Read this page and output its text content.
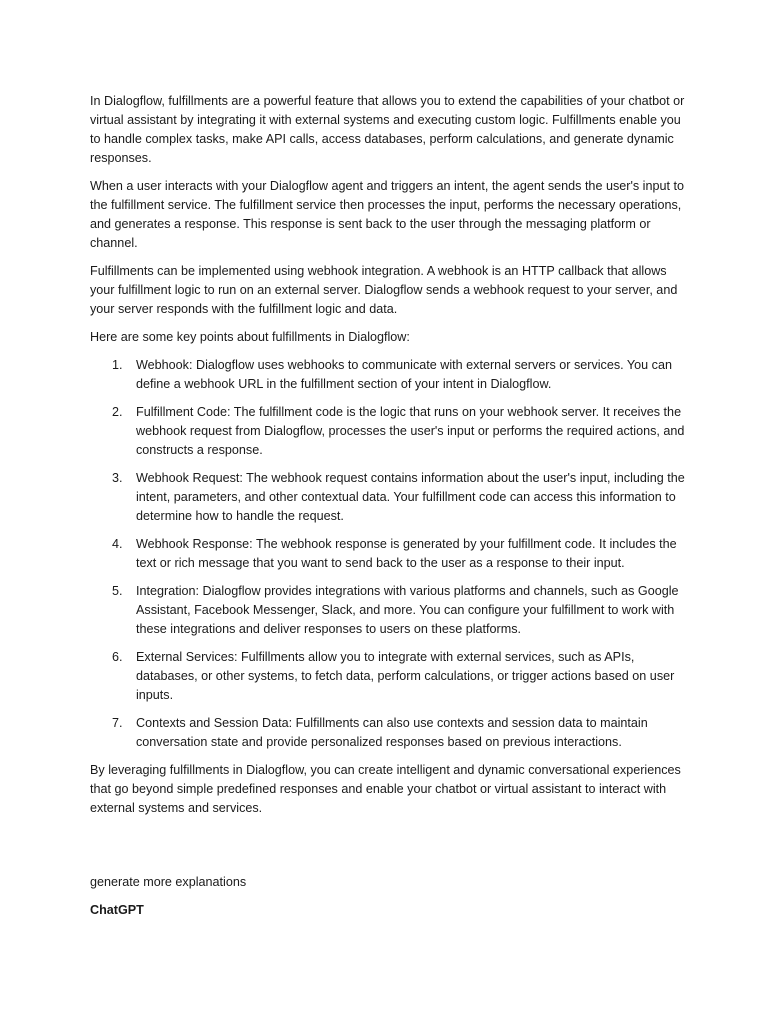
In Dialogflow, fulfillments are a powerful feature that allows you to extend the capabilities of your chatbot or virtual assistant by integrating it with external systems and executing custom logic. Fulfillments enable you to handle complex tasks, make API calls, access databases, perform calculations, and generate dynamic responses.

When a user interacts with your Dialogflow agent and triggers an intent, the agent sends the user's input to the fulfillment service. The fulfillment service then processes the input, performs the necessary operations, and generates a response. This response is sent back to the user through the messaging platform or channel.

Fulfillments can be implemented using webhook integration. A webhook is an HTTP callback that allows your fulfillment logic to run on an external server. Dialogflow sends a webhook request to your server, and your server responds with the fulfillment logic and data.

Here are some key points about fulfillments in Dialogflow:

1. Webhook: Dialogflow uses webhooks to communicate with external servers or services. You can define a webhook URL in the fulfillment section of your intent in Dialogflow.
2. Fulfillment Code: The fulfillment code is the logic that runs on your webhook server. It receives the webhook request from Dialogflow, processes the user's input or performs the required actions, and constructs a response.
3. Webhook Request: The webhook request contains information about the user's input, including the intent, parameters, and other contextual data. Your fulfillment code can access this information to determine how to handle the request.
4. Webhook Response: The webhook response is generated by your fulfillment code. It includes the text or rich message that you want to send back to the user as a response to their input.
5. Integration: Dialogflow provides integrations with various platforms and channels, such as Google Assistant, Facebook Messenger, Slack, and more. You can configure your fulfillment to work with these integrations and deliver responses to users on these platforms.
6. External Services: Fulfillments allow you to integrate with external services, such as APIs, databases, or other systems, to fetch data, perform calculations, or trigger actions based on user inputs.
7. Contexts and Session Data: Fulfillments can also use contexts and session data to maintain conversation state and provide personalized responses based on previous interactions.

By leveraging fulfillments in Dialogflow, you can create intelligent and dynamic conversational experiences that go beyond simple predefined responses and enable your chatbot or virtual assistant to interact with external systems and services.

generate more explanations

ChatGPT
